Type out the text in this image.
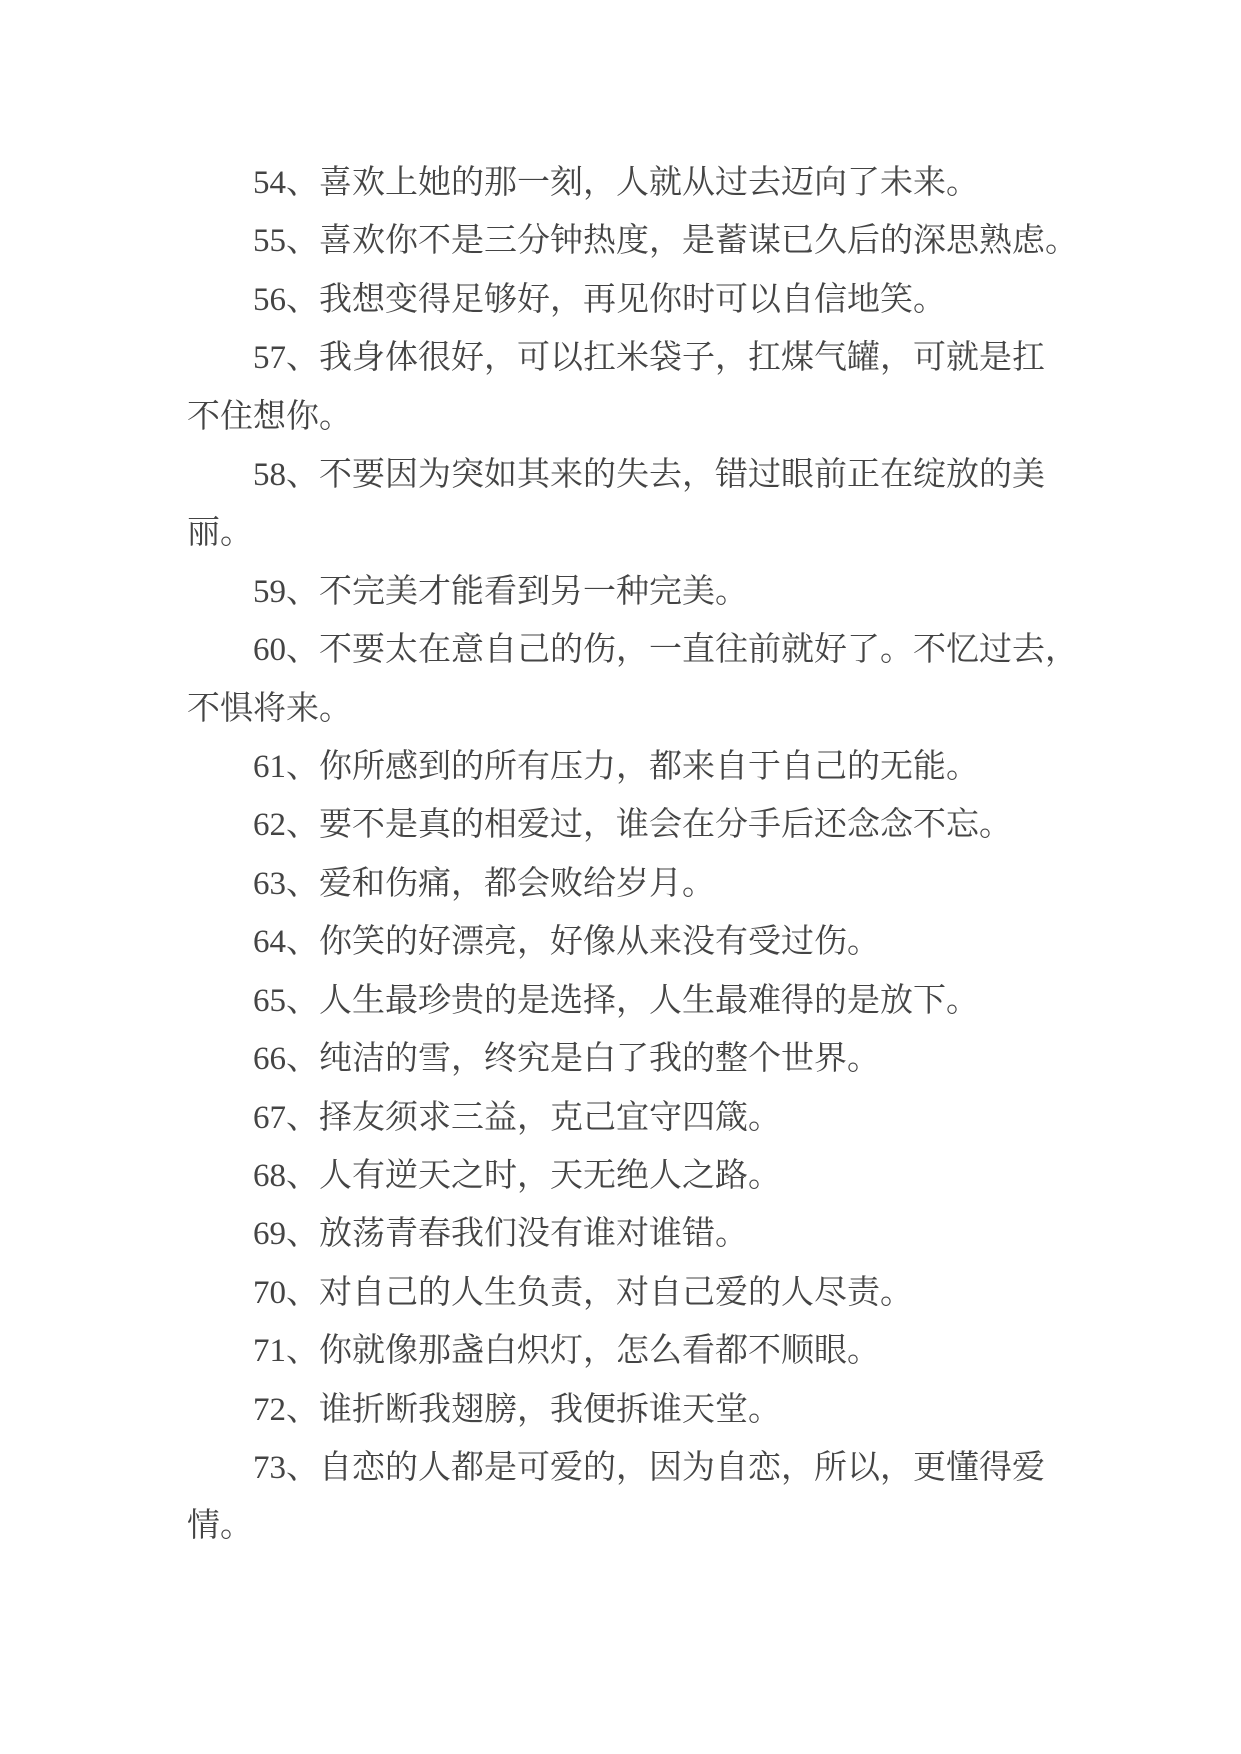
54、喜欢上她的那一刻，人就从过去迈向了未来。
55、喜欢你不是三分钟热度，是蓄谋已久后的深思熟虑。
56、我想变得足够好，再见你时可以自信地笑。
57、我身体很好，可以扛米袋子，扛煤气罐，可就是扛
不住想你。
58、不要因为突如其来的失去，错过眼前正在绽放的美
丽。
59、不完美才能看到另一种完美。
60、不要太在意自己的伤，一直往前就好了。不忆过去，
不惧将来。
61、你所感到的所有压力，都来自于自己的无能。
62、要不是真的相爱过，谁会在分手后还念念不忘。
63、爱和伤痛，都会败给岁月。
64、你笑的好漂亮，好像从来没有受过伤。
65、人生最珍贵的是选择，人生最难得的是放下。
66、纯洁的雪，终究是白了我的整个世界。
67、择友须求三益，克己宜守四箴。
68、人有逆天之时，天无绝人之路。
69、放荡青春我们没有谁对谁错。
70、对自己的人生负责，对自己爱的人尽责。
71、你就像那盏白炽灯，怎么看都不顺眼。
72、谁折断我翅膀，我便拆谁天堂。
73、自恋的人都是可爱的，因为自恋，所以，更懂得爱
情。
